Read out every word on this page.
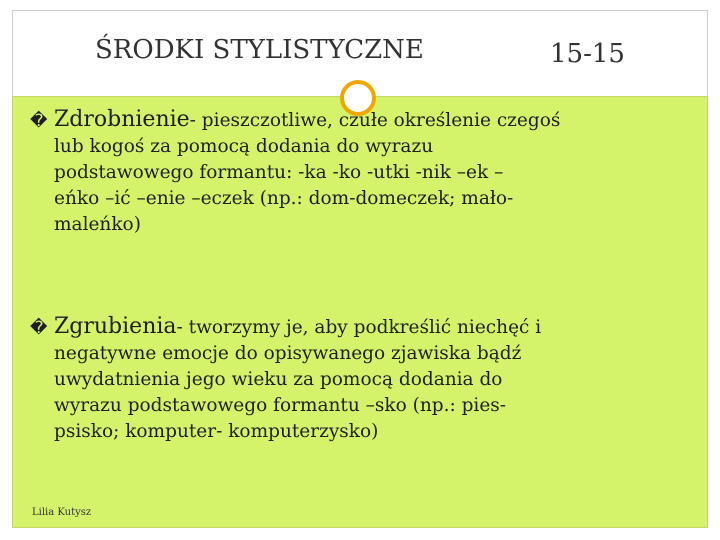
ŚRODKI STYLISTYCZNE	15-15
� Zdrobnienie- pieszczotliwe, czułe określenie czegoś
lub kogoś za pomocą dodania do wyrazu
podstawowego formantu: -ka -ko -utki -nik –ek –
eńko –ić –enie –eczek (np.: dom-domeczek; mało-
maleńko)
� Zgrubienia- tworzymy je, aby podkreślić niechęć i
negatywne emocje do opisywanego zjawiska bądź
uwydatnienia jego wieku za pomocą dodania do
wyrazu podstawowego formantu –sko (np.: pies-
psisko; komputer- komputerzysko)
Lilia Kutysz
